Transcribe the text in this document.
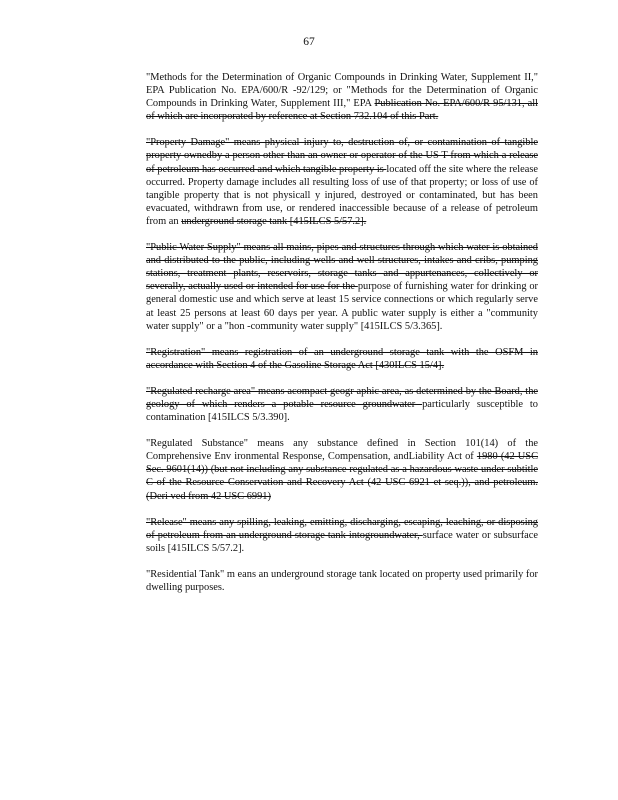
67

"Methods for the Determination of Organic Compounds in Drinking Water, Supplement II," EPA Publication No. EPA/600/R -92/129; or "Methods for the Determination of Organic Compounds in Drinking Water, Supplement III," EPA Publication No. EPA/600/R 95/131, all of which are incorporated by reference at Section 732.104 of this Part.

"Property Damage" means physical injury to, destruction of, or contamination of tangible property ownedby a person other than an owner or operator of the US T from which a release of petroleum has occurred and which tangible property is located off the site where the release occurred. Property damage includes all resulting loss of use of that property; or loss of use of tangible property that is not physicall y injured, destroyed or contaminated, but has been evacuated, withdrawn from use, or rendered inaccessible because of a release of petroleum from an underground storage tank [415ILCS 5/57.2].

"Public Water Supply" means all mains, pipes and structures through which water is obtained and distributed to the public, including wells and well structures, intakes and cribs, pumping stations, treatment plants, reservoirs, storage tanks and appurtenances, collectively or severally, actually used or intended for use for the purpose of furnishing water for drinking or general domestic use and which serve at least 15 service connections or which regularly serve at least 25 persons at least 60 days per year. A public water supply is either a "community water supply" or a "hon -community water supply" [415ILCS 5/3.365].

"Registration" means registration of an underground storage tank with the OSFM in accordance with Section 4 of the Gasoline Storage Act [430ILCS 15/4].

"Regulated recharge area" means acompact geogr aphic area, as determined by the Board, the geology of which renders a potable resource groundwater particularly susceptible to contamination [415ILCS 5/3.390].

"Regulated Substance" means any substance defined in Section 101(14) of the Comprehensive Env ironmental Response, Compensation, andLiability Act of 1980 (42 USC Sec. 9601(14)) (but not including any substance regulated as a hazardous waste under subtitle C of the Resource Conservation and Recovery Act (42 USC 6921 et seq.)), and petroleum. (Deri ved from 42 USC 6991)

"Release" means any spilling, leaking, emitting, discharging, escaping, leaching, or disposing of petroleum from an underground storage tank intogroundwater, surface water or subsurface soils [415ILCS 5/57.2].

"Residential Tank" m eans an underground storage tank located on property used primarily for dwelling purposes.
